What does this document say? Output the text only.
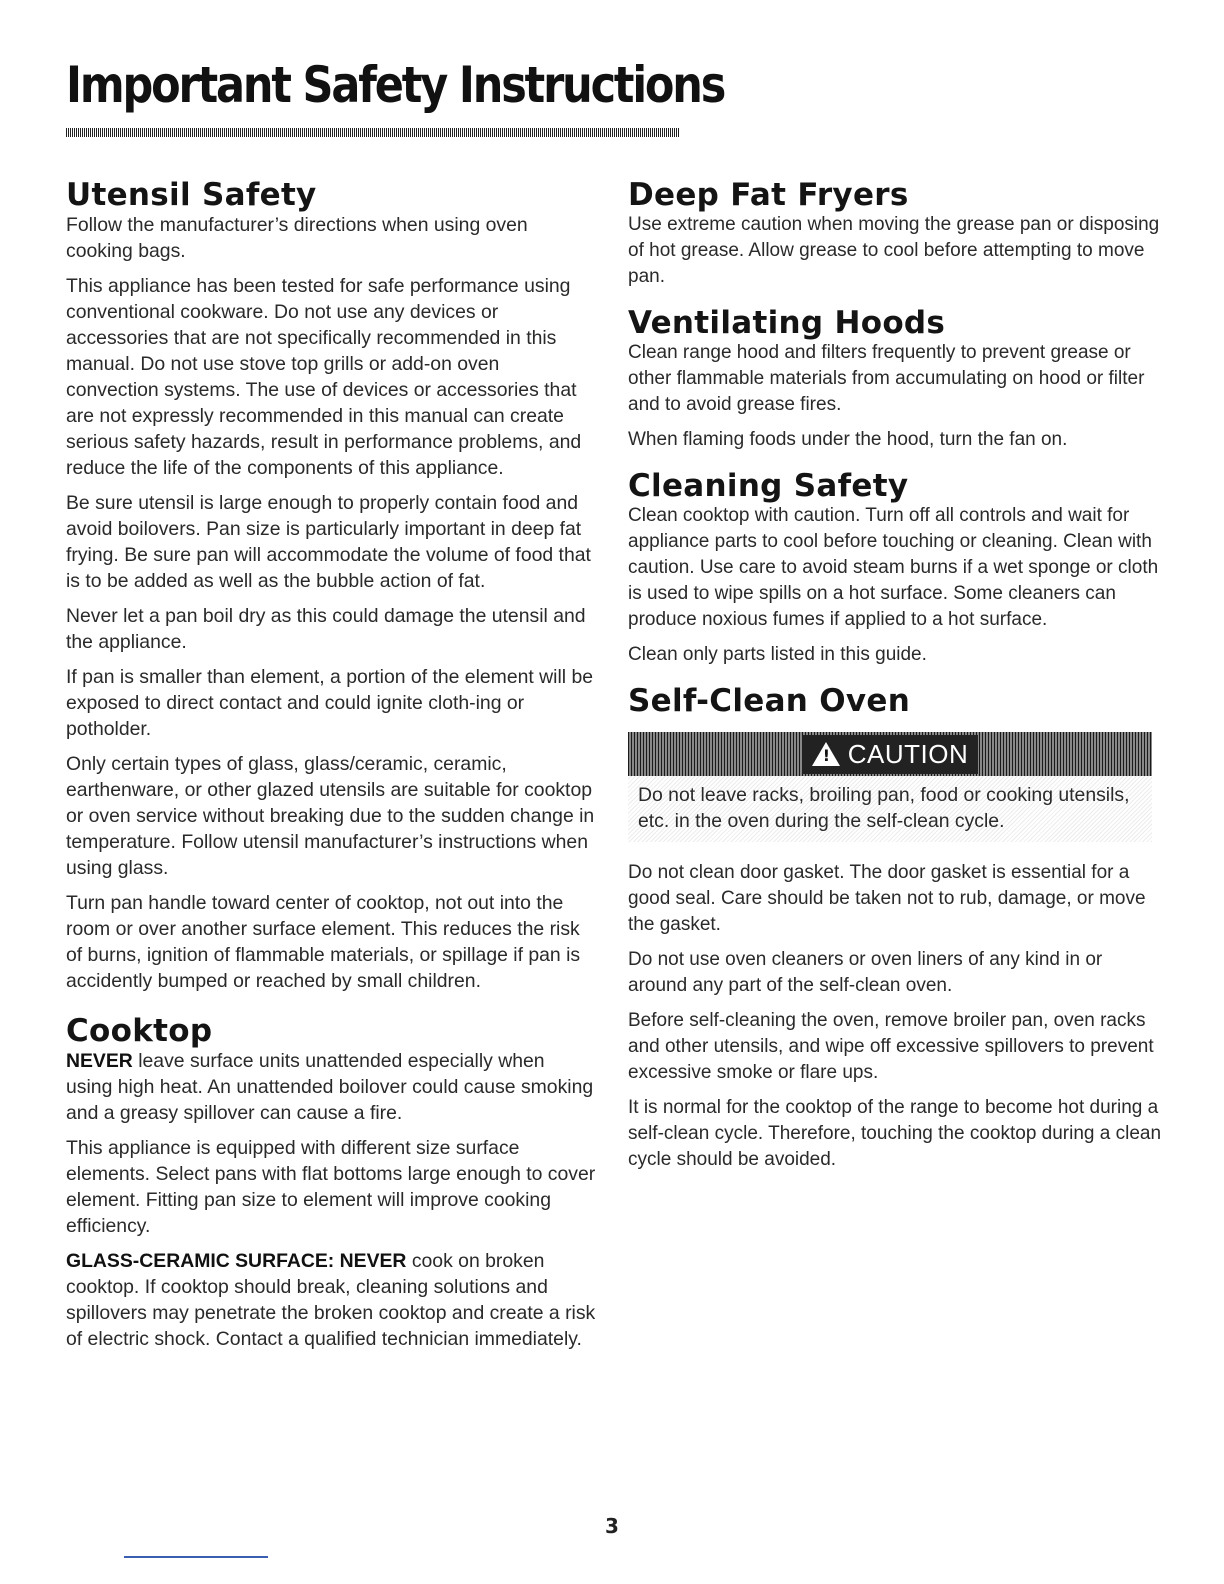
Important Safety Instructions
Utensil Safety

Follow the manufacturer’s directions when using oven cooking bags.

This appliance has been tested for safe performance using conventional cookware. Do not use any devices or accessories that are not specifically recommended in this manual. Do not use stove top grills or add-on oven convection systems. The use of devices or accessories that are not expressly recommended in this manual can create serious safety hazards, result in performance problems, and reduce the life of the components of this appliance.

Be sure utensil is large enough to properly contain food and avoid boilovers. Pan size is particularly important in deep fat frying. Be sure pan will accommodate the volume of food that is to be added as well as the bubble action of fat.

Never let a pan boil dry as this could damage the utensil and the appliance.

If pan is smaller than element, a portion of the element will be exposed to direct contact and could ignite cloth-ing or potholder.

Only certain types of glass, glass/ceramic, ceramic, earthenware, or other glazed utensils are suitable for cooktop or oven service without breaking due to the sudden change in temperature. Follow utensil manufacturer’s instructions when using glass.

Turn pan handle toward center of cooktop, not out into the room or over another surface element. This reduces the risk of burns, ignition of flammable materials, or spillage if pan is accidently bumped or reached by small children.

Cooktop

NEVER leave surface units unattended especially when using high heat. An unattended boilover could cause smoking and a greasy spillover can cause a fire.

This appliance is equipped with different size surface elements. Select pans with flat bottoms large enough to cover element. Fitting pan size to element will improve cooking efficiency.

GLASS-CERAMIC SURFACE: NEVER cook on broken cooktop. If cooktop should break, cleaning solutions and spillovers may penetrate the broken cooktop and create a risk of electric shock. Contact a qualified technician immediately.

Deep Fat Fryers

Use extreme caution when moving the grease pan or disposing of hot grease. Allow grease to cool before attempting to move pan.

Ventilating Hoods

Clean range hood and filters frequently to prevent grease or other flammable materials from accumulating on hood or filter and to avoid grease fires.

When flaming foods under the hood, turn the fan on.

Cleaning Safety

Clean cooktop with caution. Turn off all controls and wait for appliance parts to cool before touching or cleaning. Clean with caution. Use care to avoid steam burns if a wet sponge or cloth is used to wipe spills on a hot surface. Some cleaners can produce noxious fumes if applied to a hot surface.

Clean only parts listed in this guide.

Self-Clean Oven
!
CAUTION

Do not leave racks, broiling pan, food or cooking utensils, etc. in the oven during the self-clean cycle.

Do not clean door gasket. The door gasket is essential for a good seal. Care should be taken not to rub, damage, or move the gasket.

Do not use oven cleaners or oven liners of any kind in or around any part of the self-clean oven.

Before self-cleaning the oven, remove broiler pan, oven racks and other utensils, and wipe off excessive spillovers to prevent excessive smoke or flare ups.

It is normal for the cooktop of the range to become hot during a self-clean cycle. Therefore, touching the cooktop during a clean cycle should be avoided.

3
